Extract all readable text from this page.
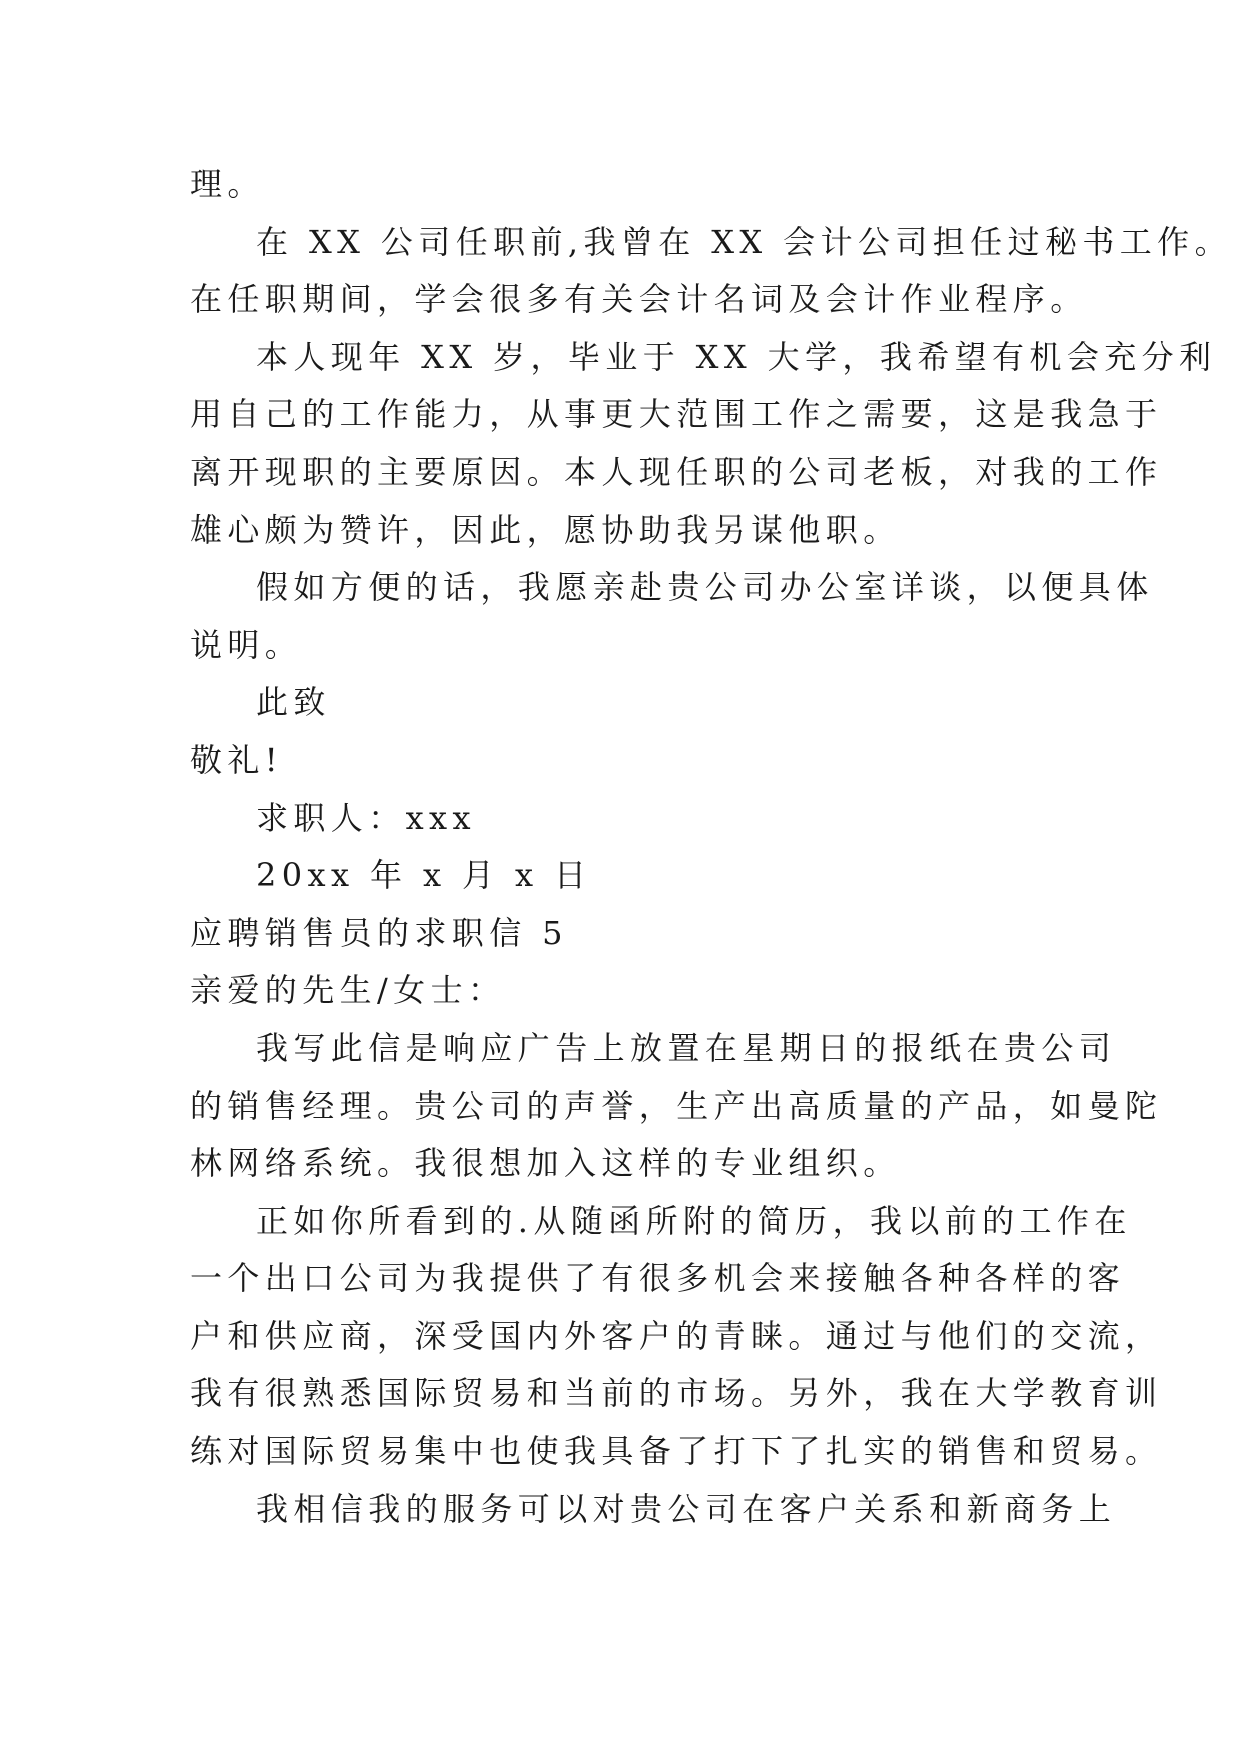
理。
在 XX 公司任职前,我曾在 XX 会计公司担任过秘书工作。
在任职期间，学会很多有关会计名词及会计作业程序。
本人现年 XX 岁，毕业于 XX 大学，我希望有机会充分利
用自己的工作能力，从事更大范围工作之需要，这是我急于
离开现职的主要原因。本人现任职的公司老板，对我的工作
雄心颇为赞许，因此，愿协助我另谋他职。
假如方便的话，我愿亲赴贵公司办公室详谈，以便具体
说明。
此致
敬礼!
求职人：xxx
20xx 年 x 月 x 日
应聘销售员的求职信 5
亲爱的先生/女士：
我写此信是响应广告上放置在星期日的报纸在贵公司
的销售经理。贵公司的声誉，生产出高质量的产品，如曼陀
林网络系统。我很想加入这样的专业组织。
正如你所看到的.从随函所附的简历，我以前的工作在
一个出口公司为我提供了有很多机会来接触各种各样的客
户和供应商，深受国内外客户的青睐。通过与他们的交流，
我有很熟悉国际贸易和当前的市场。另外，我在大学教育训
练对国际贸易集中也使我具备了打下了扎实的销售和贸易。
我相信我的服务可以对贵公司在客户关系和新商务上
